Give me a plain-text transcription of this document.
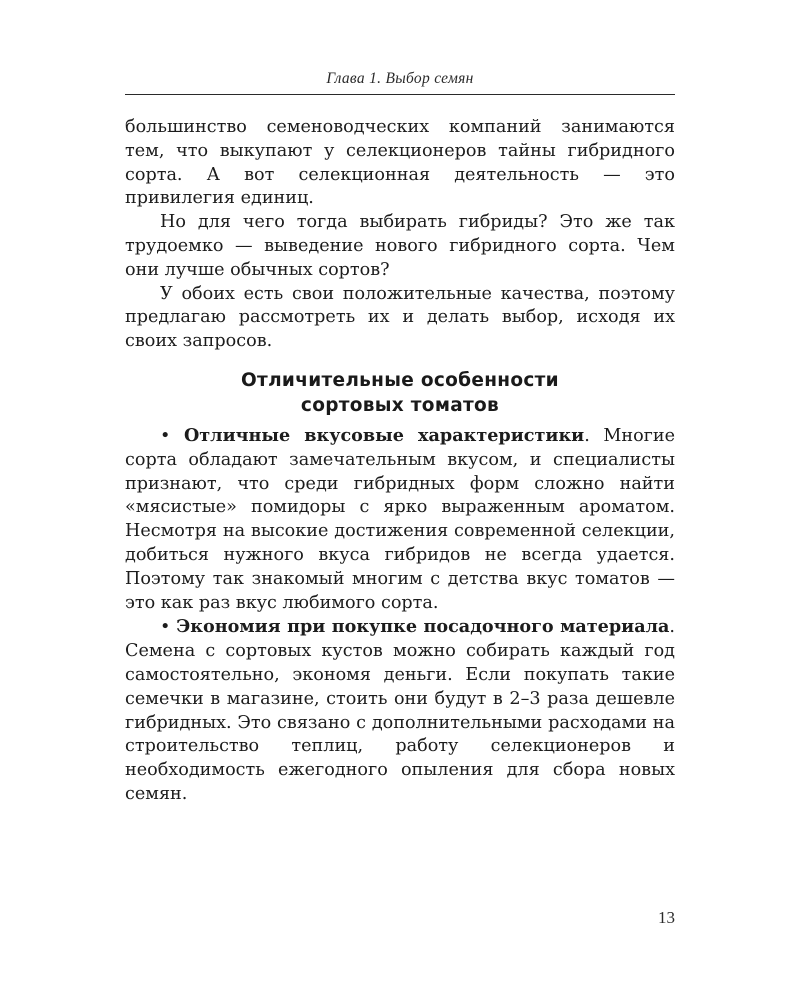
Глава 1. Выбор семян

большинство семеноводческих компаний занимаются тем, что выкупают у селекционеров тайны гибридного сорта. А вот селекционная деятельность — это привилегия единиц.

Но для чего тогда выбирать гибриды? Это же так трудоемко — выведение нового гибридного сорта. Чем они лучше обычных сортов?

У обоих есть свои положительные качества, поэтому предлагаю рассмотреть их и делать выбор, исходя их своих запросов.

Отличительные особенности
сортовых томатов

• Отличные вкусовые характеристики. Многие сорта обладают замечательным вкусом, и специалисты признают, что среди гибридных форм сложно найти «мясистые» помидоры с ярко выраженным ароматом. Несмотря на высокие достижения современной селекции, добиться нужного вкуса гибридов не всегда удается. Поэтому так знакомый многим с детства вкус томатов — это как раз вкус любимого сорта.

• Экономия при покупке посадочного материала. Семена с сортовых кустов можно собирать каждый год самостоятельно, экономя деньги. Если покупать такие семечки в магазине, стоить они будут в 2–3 раза дешевле гибридных. Это связано с дополнительными расходами на строительство теплиц, работу селекционеров и необходимость ежегодного опыления для сбора новых семян.

13
